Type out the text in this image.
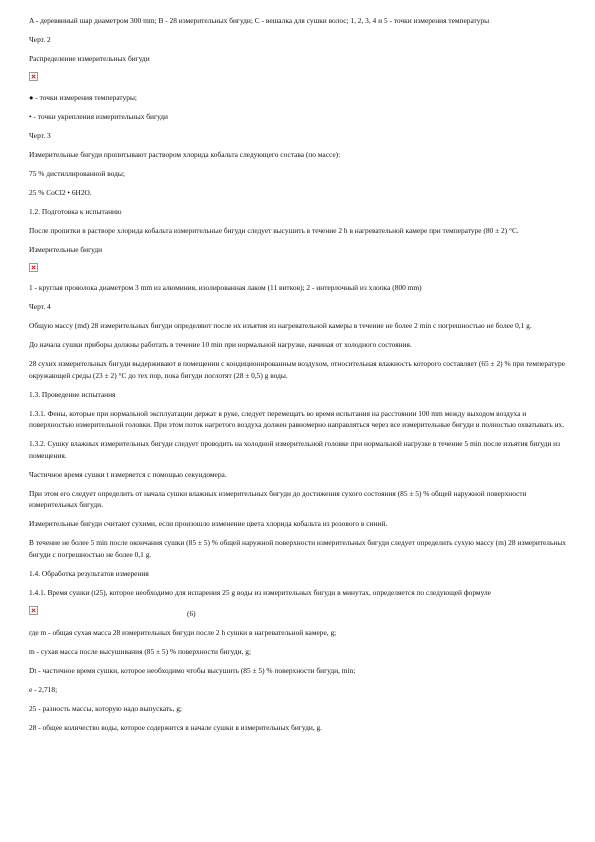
A - деревянный шар диаметром 300 mm; B - 28 измерительных бигуди; C - вешалка для сушки волос; 1, 2, 3, 4 и 5 - точки измерения температуры

Черт. 2

Распределение измерительных бигуди

● - точки измерения температуры;

• - точки укрепления измерительных бигуди

Черт. 3

Измерительные бигуди пропитывают раствором хлорида кобальта следующего состава (по массе):

75 % дистиллированной воды;

25 % CoCl2 • 6H2O.

1.2. Подготовка к испытанию

После пропитки в растворе хлорида кобальта измерительные бигуди следует высушить в течение 2 h в нагревательной камере при температуре (80 ± 2) °С.

Измерительные бигуди

1 - круглая проволока диаметром 3 mm из алюминия, изолированная лаком (11 витков); 2 - интерлочный из хлопка (800 mm)

Черт. 4

Общую массу (md) 28 измерительных бигуди определяют после их изъятия из нагревательной камеры в течение не более 2 min с погрешностью не более 0,1 g.

До начала сушки приборы должны работать в течение 10 min при нормальной нагрузке, начиная от холодного состояния.

28 сухих измерительных бигуди выдерживают в помещении с кондиционированным воздухом, относительная влажность которого составляет (65 ± 2) % при температуре окружающей среды (23 ± 2) °С до тех пор, пока бигуди поглотят (28 ± 0,5) g воды.

1.3. Проведение испытания

1.3.1. Фены, которые при нормальной эксплуатации держат в руке, следует перемещать во время испытания на расстоянии 100 mm между выходом воздуха и поверхностью измерительной головки. При этом поток нагретого воздуха должен равномерно направляться через все измерительные бигуди и полностью охватывать их.

1.3.2. Сушку влажных измерительных бигуди следует проводить на холодной измерительной головке при нормальной нагрузке в течение 5 min после изъятия бигуди из помещения.

Частичное время сушки t измеряется с помощью секундомера.

При этом его следует определить от начала сушки влажных измерительных бигуди до достижения сухого состояния (85 ± 5) % общей наружной поверхности измерительных бигуди.

Измерительные бигуди считают сухими, если произошло изменение цвета хлорида кобальта из розового в синий.

В течение не более 5 min после окончания сушки (85 ± 5) % общей наружной поверхности измерительных бигуди следует определить сухую массу (m) 28 измерительных бигуди с погрешностью не более 0,1 g.

1.4. Обработка результатов измерения

1.4.1. Время сушки (t25), которое необходимо для испарения 25 g воды из измерительных бигуди в минутах, определяется по следующей формуле

(6)

где m - общая сухая масса 28 измерительных бигуди после 2 h сушки в нагревательной камере, g;

m - сухая масса после высушивания (85 ± 5) % поверхности бигуди, g;

Dt - частичное время сушки, которое необходимо чтобы высушить (85 ± 5) % поверхности бигуди, min;

e - 2,718;

25 - разность массы, которую надо выпускать, g;

28 - общее количество воды, которое содержится в начале сушки в измерительных бигуди, g.
